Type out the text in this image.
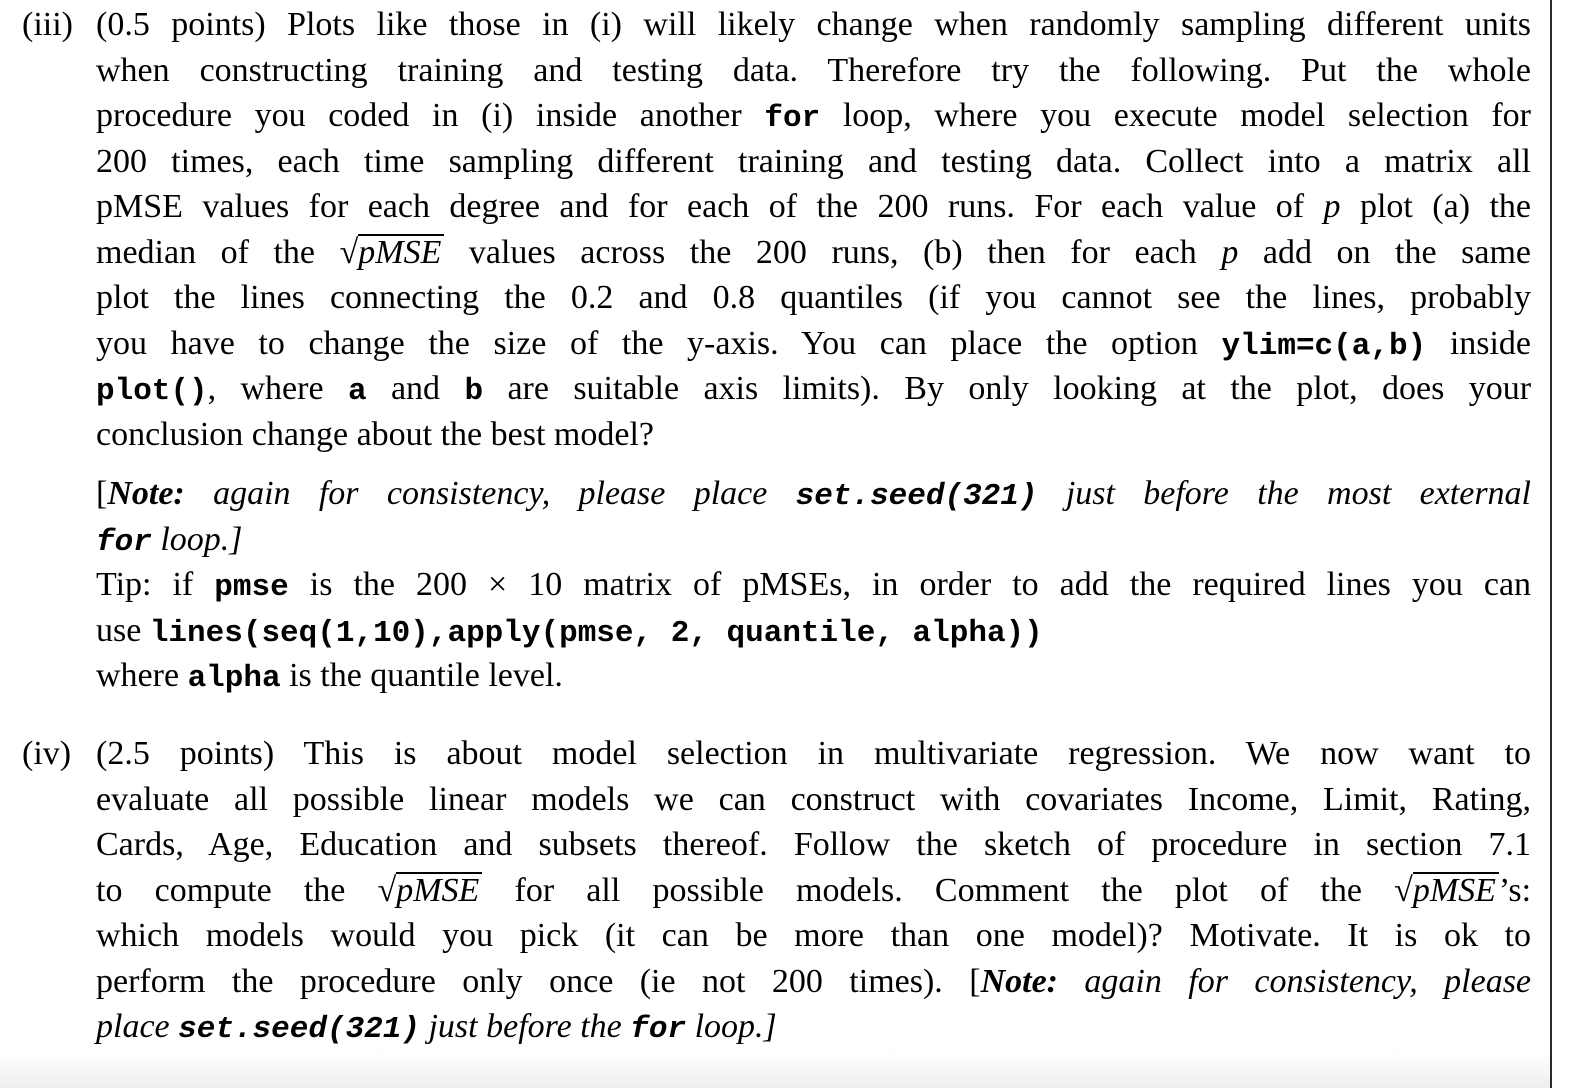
(iii) (0.5 points) Plots like those in (i) will likely change when randomly sampling different units
when constructing training and testing data. Therefore try the following. Put the whole
procedure you coded in (i) inside another for loop, where you execute model selection for
200 times, each time sampling different training and testing data. Collect into a matrix all
pMSE values for each degree and for each of the 200 runs. For each value of p plot (a) the
median of the √pMSE values across the 200 runs, (b) then for each p add on the same
plot the lines connecting the 0.2 and 0.8 quantiles (if you cannot see the lines, probably
you have to change the size of the y-axis. You can place the option ylim=c(a,b) inside
plot(), where a and b are suitable axis limits). By only looking at the plot, does your
conclusion change about the best model?
[Note: again for consistency, please place set.seed(321) just before the most external
for loop.]
Tip: if pmse is the 200 × 10 matrix of pMSEs, in order to add the required lines you can
use lines(seq(1,10),apply(pmse, 2, quantile, alpha))
where alpha is the quantile level.
(iv) (2.5 points) This is about model selection in multivariate regression. We now want to
evaluate all possible linear models we can construct with covariates Income, Limit, Rating,
Cards, Age, Education and subsets thereof. Follow the sketch of procedure in section 7.1
to compute the √pMSE for all possible models. Comment the plot of the √pMSE’s:
which models would you pick (it can be more than one model)? Motivate. It is ok to
perform the procedure only once (ie not 200 times). [Note: again for consistency, please
place set.seed(321) just before the for loop.]
